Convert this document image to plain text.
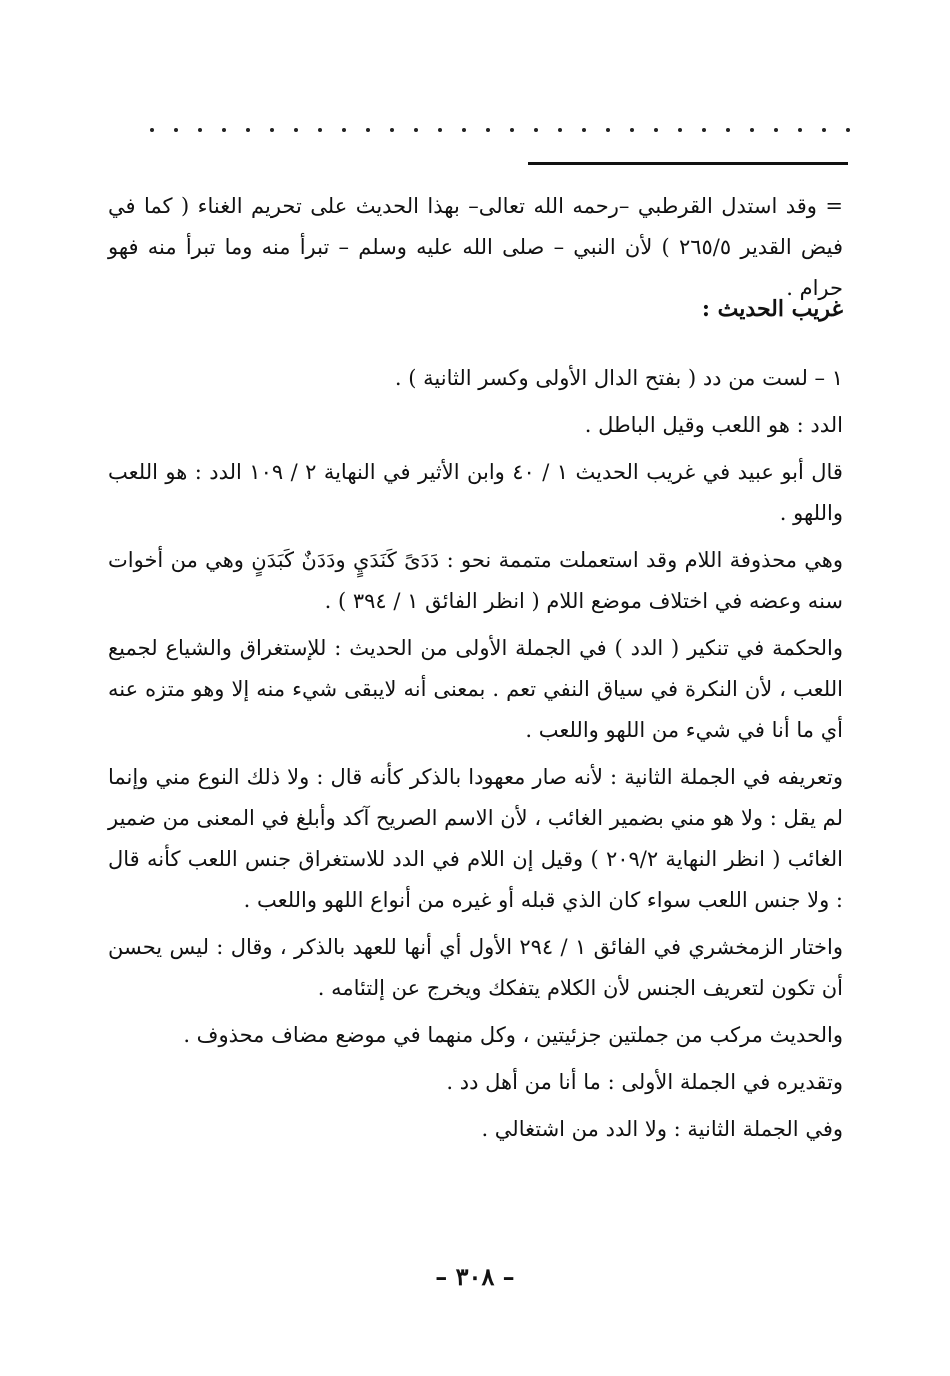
= وقد استدل القرطبي –رحمه الله تعالى– بهذا الحديث على تحريم الغناء ( كما في فيض القدير ٢٦٥/٥ ) لأن النبي – صلى الله عليه وسلم – تبرأ منه وما تبرأ منه فهو حرام .

غريب الحديث :

١ – لست من دد ( بفتح الدال الأولى وكسر الثانية ) .

الدد : هو اللعب وقيل الباطل .

قال أبو عبيد في غريب الحديث ١ / ٤٠ وابن الأثير في النهاية ٢ / ١٠٩ الدد : هو اللعب واللهو .

وهي محذوفة اللام وقد استعملت متممة نحو : دَدَىً كَنَدَيٍ ودَدَنٌ كَبَدَنٍ وهي من أخوات سنه وعضه في اختلاف موضع اللام ( انظر الفائق ١ / ٣٩٤ ) .

والحكمة في تنكير ( الدد ) في الجملة الأولى من الحديث : للإستغراق والشياع لجميع اللعب ، لأن النكرة في سياق النفي تعم . بمعنى أنه لايبقى شيء منه إلا وهو متزه عنه أي ما أنا في شيء من اللهو واللعب .

وتعريفه في الجملة الثانية : لأنه صار معهودا بالذكر كأنه قال : ولا ذلك النوع مني وإنما لم يقل : ولا هو مني بضمير الغائب ، لأن الاسم الصريح آكد وأبلغ في المعنى من ضمير الغائب ( انظر النهاية ٢٠٩/٢ ) وقيل إن اللام في الدد للاستغراق جنس اللعب كأنه قال : ولا جنس اللعب سواء كان الذي قبله أو غيره من أنواع اللهو واللعب .

واختار الزمخشري في الفائق ١ / ٢٩٤ الأول أي أنها للعهد بالذكر ، وقال : ليس يحسن أن تكون لتعريف الجنس لأن الكلام يتفكك ويخرج عن إلتئامه .

والحديث مركب من جملتين جزئيتين ، وكل منهما في موضع مضاف محذوف .

وتقديره في الجملة الأولى : ما أنا من أهل دد .

وفي الجملة الثانية : ولا الدد من اشتغالي .

– ٣٠٨ –
